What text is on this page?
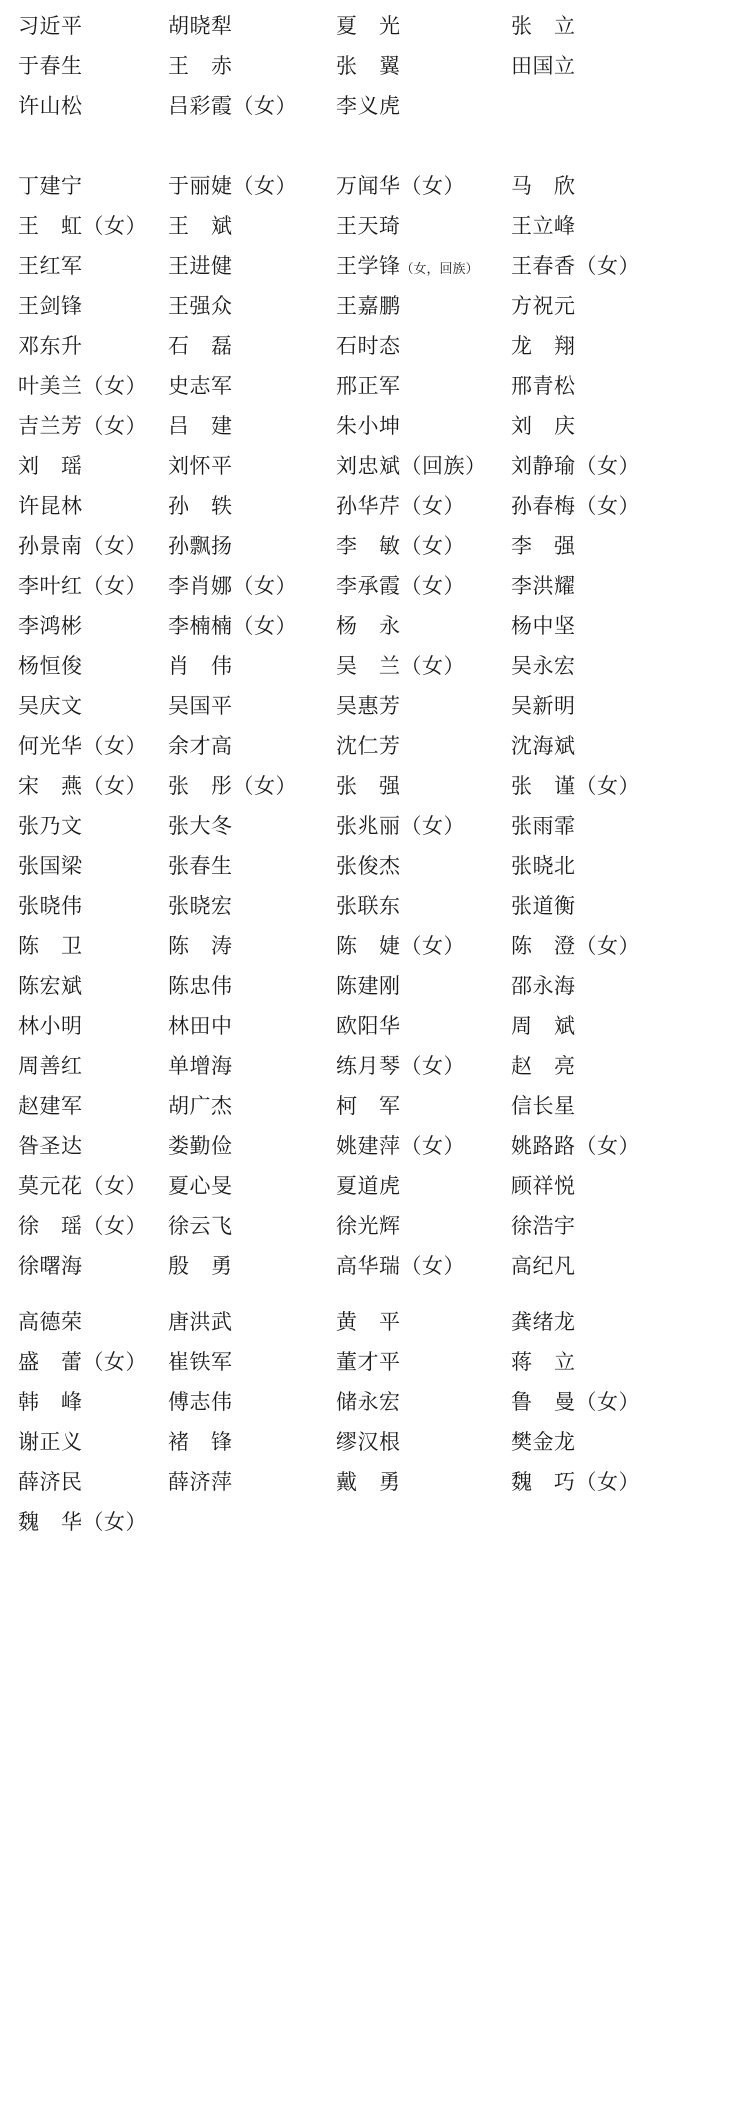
习近平	胡晓犁	夏　光	张　立
于春生	王　赤	张　翼	田国立
许山松	吕彩霞（女）	李义虎
丁建宁	于丽婕（女）	万闻华（女）	马　欣
王　虹（女）	王　斌	王天琦	王立峰
王红军	王进健	王学锋（女，回族）	王春香（女）
王剑锋	王强众	王嘉鹏	方祝元
邓东升	石　磊	石时态	龙　翔
叶美兰（女）	史志军	邢正军	邢青松
吉兰芳（女）	吕　建	朱小坤	刘　庆
刘　瑶	刘怀平	刘忠斌（回族）	刘静瑜（女）
许昆林	孙　轶	孙华芹（女）	孙春梅（女）
孙景南（女）	孙飘扬	李　敏（女）	李　强
李叶红（女）	李肖娜（女）	李承霞（女）	李洪耀
李鸿彬	李楠楠（女）	杨　永	杨中坚
杨恒俊	肖　伟	吴　兰（女）	吴永宏
吴庆文	吴国平	吴惠芳	吴新明
何光华（女）	余才高	沈仁芳	沈海斌
宋　燕（女）	张　彤（女）	张　强	张　谨（女）
张乃文	张大冬	张兆丽（女）	张雨霏
张国梁	张春生	张俊杰	张晓北
张晓伟	张晓宏	张联东	张道衡
陈　卫	陈　涛	陈　婕（女）	陈　澄（女）
陈宏斌	陈忠伟	陈建刚	邵永海
林小明	林田中	欧阳华	周　斌
周善红	单增海	练月琴（女）	赵　亮
赵建军	胡广杰	柯　军	信长星
昝圣达	娄勤俭	姚建萍（女）	姚路路（女）
莫元花（女）	夏心旻	夏道虎	顾祥悦
徐　瑶（女）	徐云飞	徐光辉	徐浩宇
徐曙海	殷　勇	高华瑞（女）	高纪凡
高德荣	唐洪武	黄　平	龚绪龙
盛　蕾（女）	崔铁军	董才平	蒋　立
韩　峰	傅志伟	储永宏	鲁　曼（女）
谢正义	褚　锋	缪汉根	樊金龙
薛济民	薛济萍	戴　勇	魏　巧（女）
魏　华（女）
